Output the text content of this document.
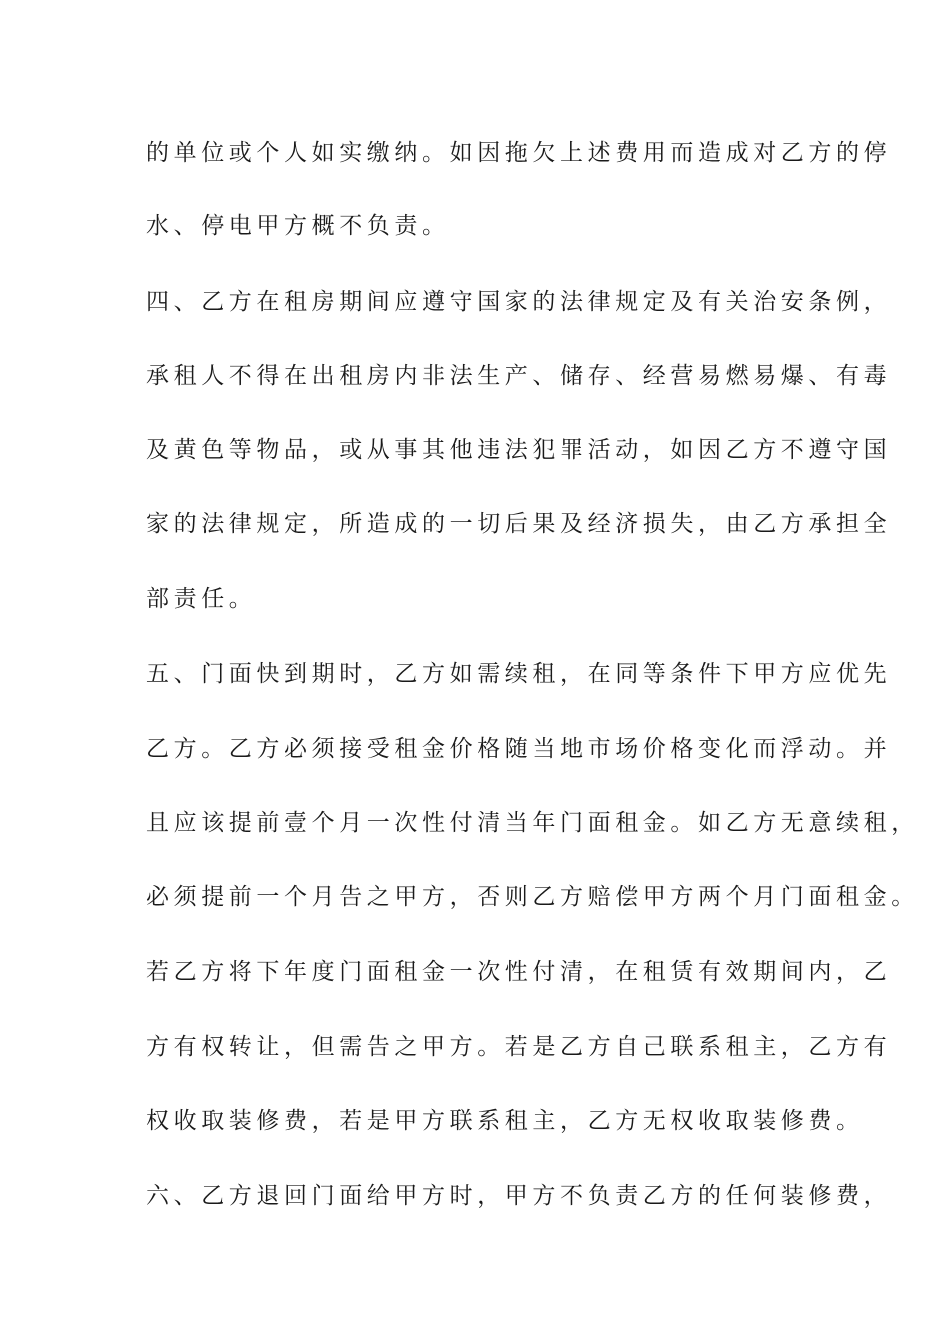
的单位或个人如实缴纳。如因拖欠上述费用而造成对乙方的停

水、停电甲方概不负责。

四、乙方在租房期间应遵守国家的法律规定及有关治安条例，

承租人不得在出租房内非法生产、储存、经营易燃易爆、有毒

及黄色等物品，或从事其他违法犯罪活动，如因乙方不遵守国

家的法律规定，所造成的一切后果及经济损失，由乙方承担全

部责任。

五、门面快到期时，乙方如需续租，在同等条件下甲方应优先

乙方。乙方必须接受租金价格随当地市场价格变化而浮动。并

且应该提前壹个月一次性付清当年门面租金。如乙方无意续租，

必须提前一个月告之甲方，否则乙方赔偿甲方两个月门面租金。

若乙方将下年度门面租金一次性付清，在租赁有效期间内，乙

方有权转让，但需告之甲方。若是乙方自己联系租主，乙方有

权收取装修费，若是甲方联系租主，乙方无权收取装修费。

六、乙方退回门面给甲方时，甲方不负责乙方的任何装修费，
